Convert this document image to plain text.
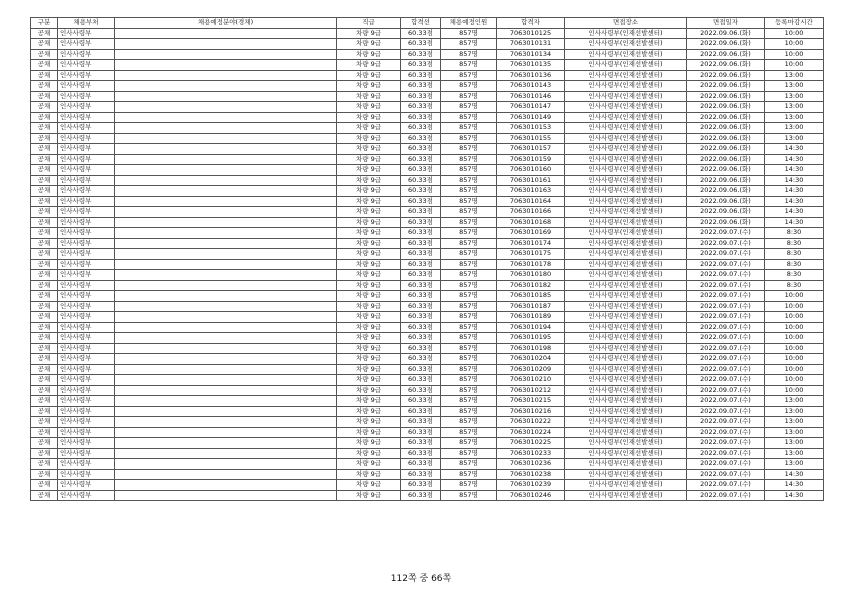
구분	채용부처	채용예정분야(경채)	직급	합격선	채용예정인원	합격자	면접장소	면접일자	등록마감시간
공채	인사사령부		차량 9급	60.33점	857명	7063010125	인사사령부(인재선발센터)	2022.09.06.(화)	10:00
공채	인사사령부		차량 9급	60.33점	857명	7063010131	인사사령부(인재선발센터)	2022.09.06.(화)	10:00
공채	인사사령부		차량 9급	60.33점	857명	7063010134	인사사령부(인재선발센터)	2022.09.06.(화)	10:00
공채	인사사령부		차량 9급	60.33점	857명	7063010135	인사사령부(인재선발센터)	2022.09.06.(화)	10:00
공채	인사사령부		차량 9급	60.33점	857명	7063010136	인사사령부(인재선발센터)	2022.09.06.(화)	13:00
공채	인사사령부		차량 9급	60.33점	857명	7063010143	인사사령부(인재선발센터)	2022.09.06.(화)	13:00
공채	인사사령부		차량 9급	60.33점	857명	7063010146	인사사령부(인재선발센터)	2022.09.06.(화)	13:00
공채	인사사령부		차량 9급	60.33점	857명	7063010147	인사사령부(인재선발센터)	2022.09.06.(화)	13:00
공채	인사사령부		차량 9급	60.33점	857명	7063010149	인사사령부(인재선발센터)	2022.09.06.(화)	13:00
공채	인사사령부		차량 9급	60.33점	857명	7063010153	인사사령부(인재선발센터)	2022.09.06.(화)	13:00
공채	인사사령부		차량 9급	60.33점	857명	7063010155	인사사령부(인재선발센터)	2022.09.06.(화)	13:00
공채	인사사령부		차량 9급	60.33점	857명	7063010157	인사사령부(인재선발센터)	2022.09.06.(화)	14:30
공채	인사사령부		차량 9급	60.33점	857명	7063010159	인사사령부(인재선발센터)	2022.09.06.(화)	14:30
공채	인사사령부		차량 9급	60.33점	857명	7063010160	인사사령부(인재선발센터)	2022.09.06.(화)	14:30
공채	인사사령부		차량 9급	60.33점	857명	7063010161	인사사령부(인재선발센터)	2022.09.06.(화)	14:30
공채	인사사령부		차량 9급	60.33점	857명	7063010163	인사사령부(인재선발센터)	2022.09.06.(화)	14:30
공채	인사사령부		차량 9급	60.33점	857명	7063010164	인사사령부(인재선발센터)	2022.09.06.(화)	14:30
공채	인사사령부		차량 9급	60.33점	857명	7063010166	인사사령부(인재선발센터)	2022.09.06.(화)	14:30
공채	인사사령부		차량 9급	60.33점	857명	7063010168	인사사령부(인재선발센터)	2022.09.06.(화)	14:30
공채	인사사령부		차량 9급	60.33점	857명	7063010169	인사사령부(인재선발센터)	2022.09.07.(수)	8:30
공채	인사사령부		차량 9급	60.33점	857명	7063010174	인사사령부(인재선발센터)	2022.09.07.(수)	8:30
공채	인사사령부		차량 9급	60.33점	857명	7063010175	인사사령부(인재선발센터)	2022.09.07.(수)	8:30
공채	인사사령부		차량 9급	60.33점	857명	7063010178	인사사령부(인재선발센터)	2022.09.07.(수)	8:30
공채	인사사령부		차량 9급	60.33점	857명	7063010180	인사사령부(인재선발센터)	2022.09.07.(수)	8:30
공채	인사사령부		차량 9급	60.33점	857명	7063010182	인사사령부(인재선발센터)	2022.09.07.(수)	8:30
공채	인사사령부		차량 9급	60.33점	857명	7063010185	인사사령부(인재선발센터)	2022.09.07.(수)	10:00
공채	인사사령부		차량 9급	60.33점	857명	7063010187	인사사령부(인재선발센터)	2022.09.07.(수)	10:00
공채	인사사령부		차량 9급	60.33점	857명	7063010189	인사사령부(인재선발센터)	2022.09.07.(수)	10:00
공채	인사사령부		차량 9급	60.33점	857명	7063010194	인사사령부(인재선발센터)	2022.09.07.(수)	10:00
공채	인사사령부		차량 9급	60.33점	857명	7063010195	인사사령부(인재선발센터)	2022.09.07.(수)	10:00
공채	인사사령부		차량 9급	60.33점	857명	7063010198	인사사령부(인재선발센터)	2022.09.07.(수)	10:00
공채	인사사령부		차량 9급	60.33점	857명	7063010204	인사사령부(인재선발센터)	2022.09.07.(수)	10:00
공채	인사사령부		차량 9급	60.33점	857명	7063010209	인사사령부(인재선발센터)	2022.09.07.(수)	10:00
공채	인사사령부		차량 9급	60.33점	857명	7063010210	인사사령부(인재선발센터)	2022.09.07.(수)	10:00
공채	인사사령부		차량 9급	60.33점	857명	7063010212	인사사령부(인재선발센터)	2022.09.07.(수)	10:00
공채	인사사령부		차량 9급	60.33점	857명	7063010215	인사사령부(인재선발센터)	2022.09.07.(수)	13:00
공채	인사사령부		차량 9급	60.33점	857명	7063010216	인사사령부(인재선발센터)	2022.09.07.(수)	13:00
공채	인사사령부		차량 9급	60.33점	857명	7063010222	인사사령부(인재선발센터)	2022.09.07.(수)	13:00
공채	인사사령부		차량 9급	60.33점	857명	7063010224	인사사령부(인재선발센터)	2022.09.07.(수)	13:00
공채	인사사령부		차량 9급	60.33점	857명	7063010225	인사사령부(인재선발센터)	2022.09.07.(수)	13:00
공채	인사사령부		차량 9급	60.33점	857명	7063010233	인사사령부(인재선발센터)	2022.09.07.(수)	13:00
공채	인사사령부		차량 9급	60.33점	857명	7063010236	인사사령부(인재선발센터)	2022.09.07.(수)	13:00
공채	인사사령부		차량 9급	60.33점	857명	7063010238	인사사령부(인재선발센터)	2022.09.07.(수)	14:30
공채	인사사령부		차량 9급	60.33점	857명	7063010239	인사사령부(인재선발센터)	2022.09.07.(수)	14:30
공채	인사사령부		차량 9급	60.33점	857명	7063010246	인사사령부(인재선발센터)	2022.09.07.(수)	14:30
112쪽 중 66쪽
